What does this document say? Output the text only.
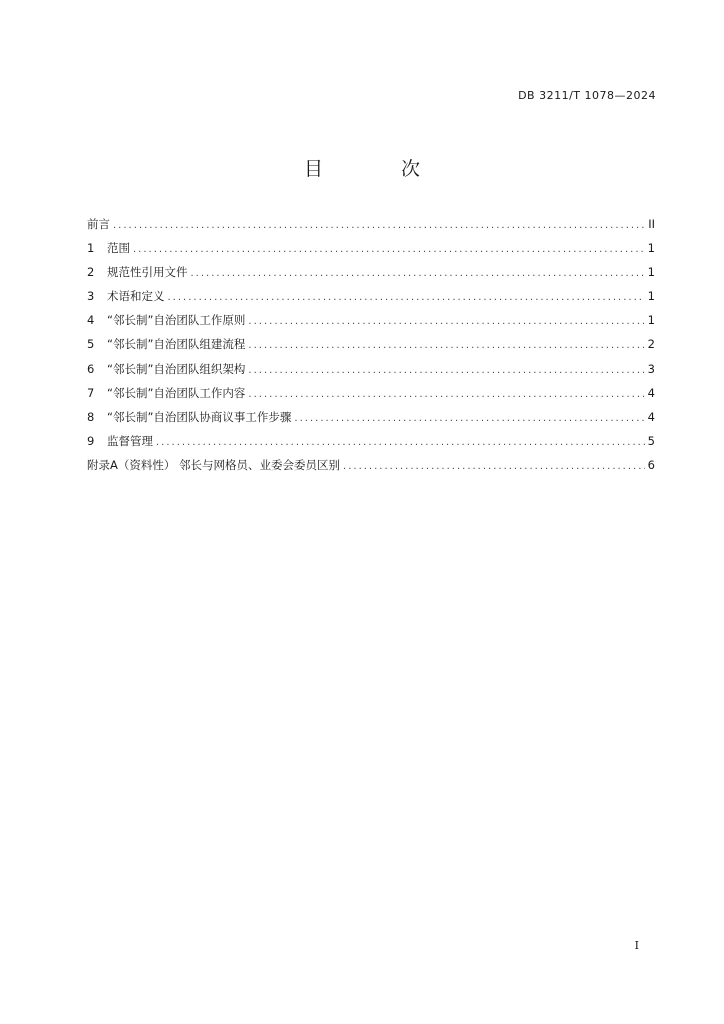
DB 3211/T 1078—2024
目 次
前言 .....	II
1	范围 .....	1
2	规范性引用文件 .....	1
3	术语和定义 .....	1
4	“邻长制”自治团队工作原则 .....	1
5	“邻长制”自治团队组建流程 .....	2
6	“邻长制”自治团队组织架构 .....	3
7	“邻长制”自治团队工作内容 .....	4
8	“邻长制”自治团队协商议事工作步骤 .....	4
9	监督管理 .....	5
附录A（资料性） 邻长与网格员、业委会委员区别 .....	6
I
